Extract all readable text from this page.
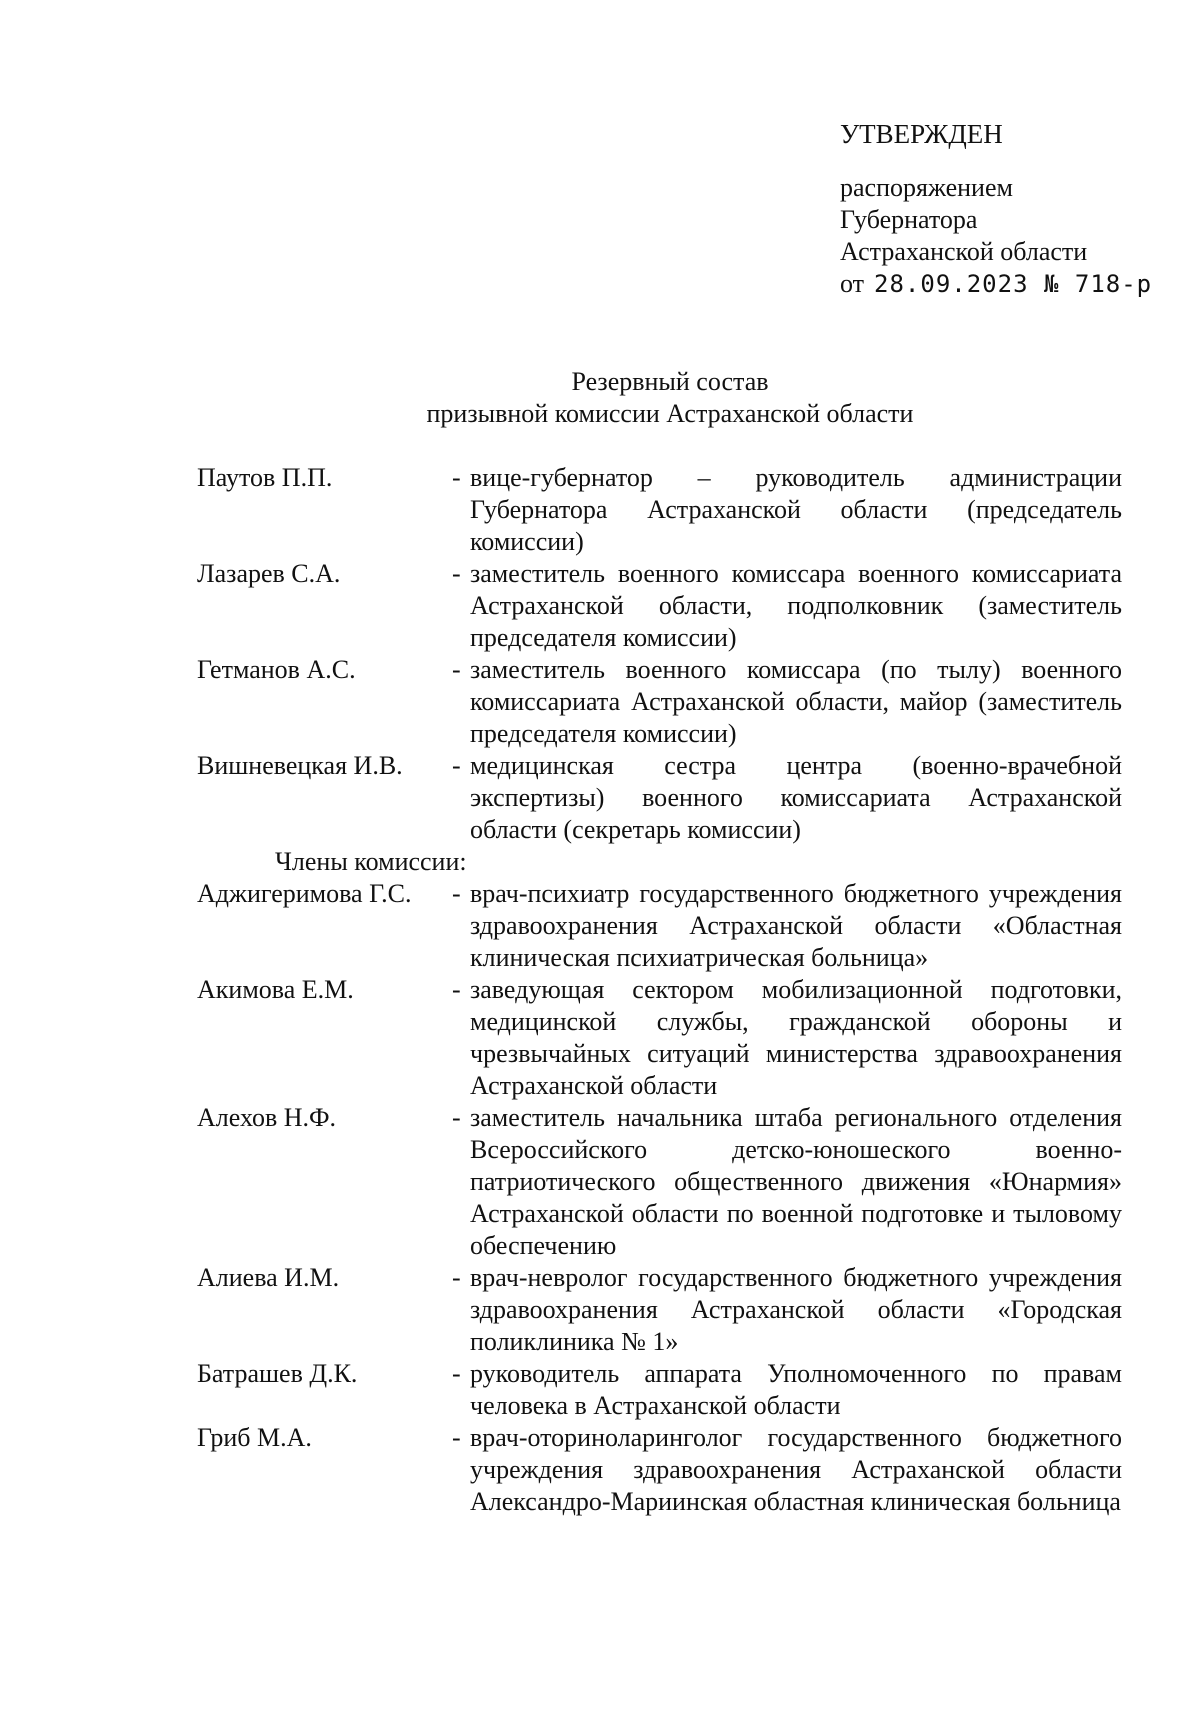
УТВЕРЖДЕН
распоряжением
Губернатора
Астраханской области
от 28.09.2023 № 718-р
Резервный состав
призывной комиссии Астраханской области
Паутов П.П.	- вице-губернатор – руководитель администрации Губернатора Астраханской области (председатель комиссии)
Лазарев С.А.	- заместитель военного комиссара военного комиссариата Астраханской области, подполковник (заместитель председателя комиссии)
Гетманов А.С.	- заместитель военного комиссара (по тылу) военного комиссариата Астраханской области, майор (заместитель председателя комиссии)
Вишневецкая И.В.	- медицинская сестра центра (военно-врачебной экспертизы) военного комиссариата Астраханской области (секретарь комиссии)
Члены комиссии:
Аджигеримова Г.С.	- врач-психиатр государственного бюджетного учреждения здравоохранения Астраханской области «Областная клиническая психиатрическая больница»
Акимова Е.М.	- заведующая сектором мобилизационной подготовки, медицинской службы, гражданской обороны и чрезвычайных ситуаций министерства здравоохранения Астраханской области
Алехов Н.Ф.	- заместитель начальника штаба регионального отделения Всероссийского детско-юношеского военно-патриотического общественного движения «Юнармия» Астраханской области по военной подготовке и тыловому обеспечению
Алиева И.М.	- врач-невролог государственного бюджетного учреждения здравоохранения Астраханской области «Городская поликлиника № 1»
Батрашев Д.К.	- руководитель аппарата Уполномоченного по правам человека в Астраханской области
Гриб М.А.	- врач-оториноларинголог государственного бюджетного учреждения здравоохранения Астраханской области Александро-Мариинская областная клиническая больница
